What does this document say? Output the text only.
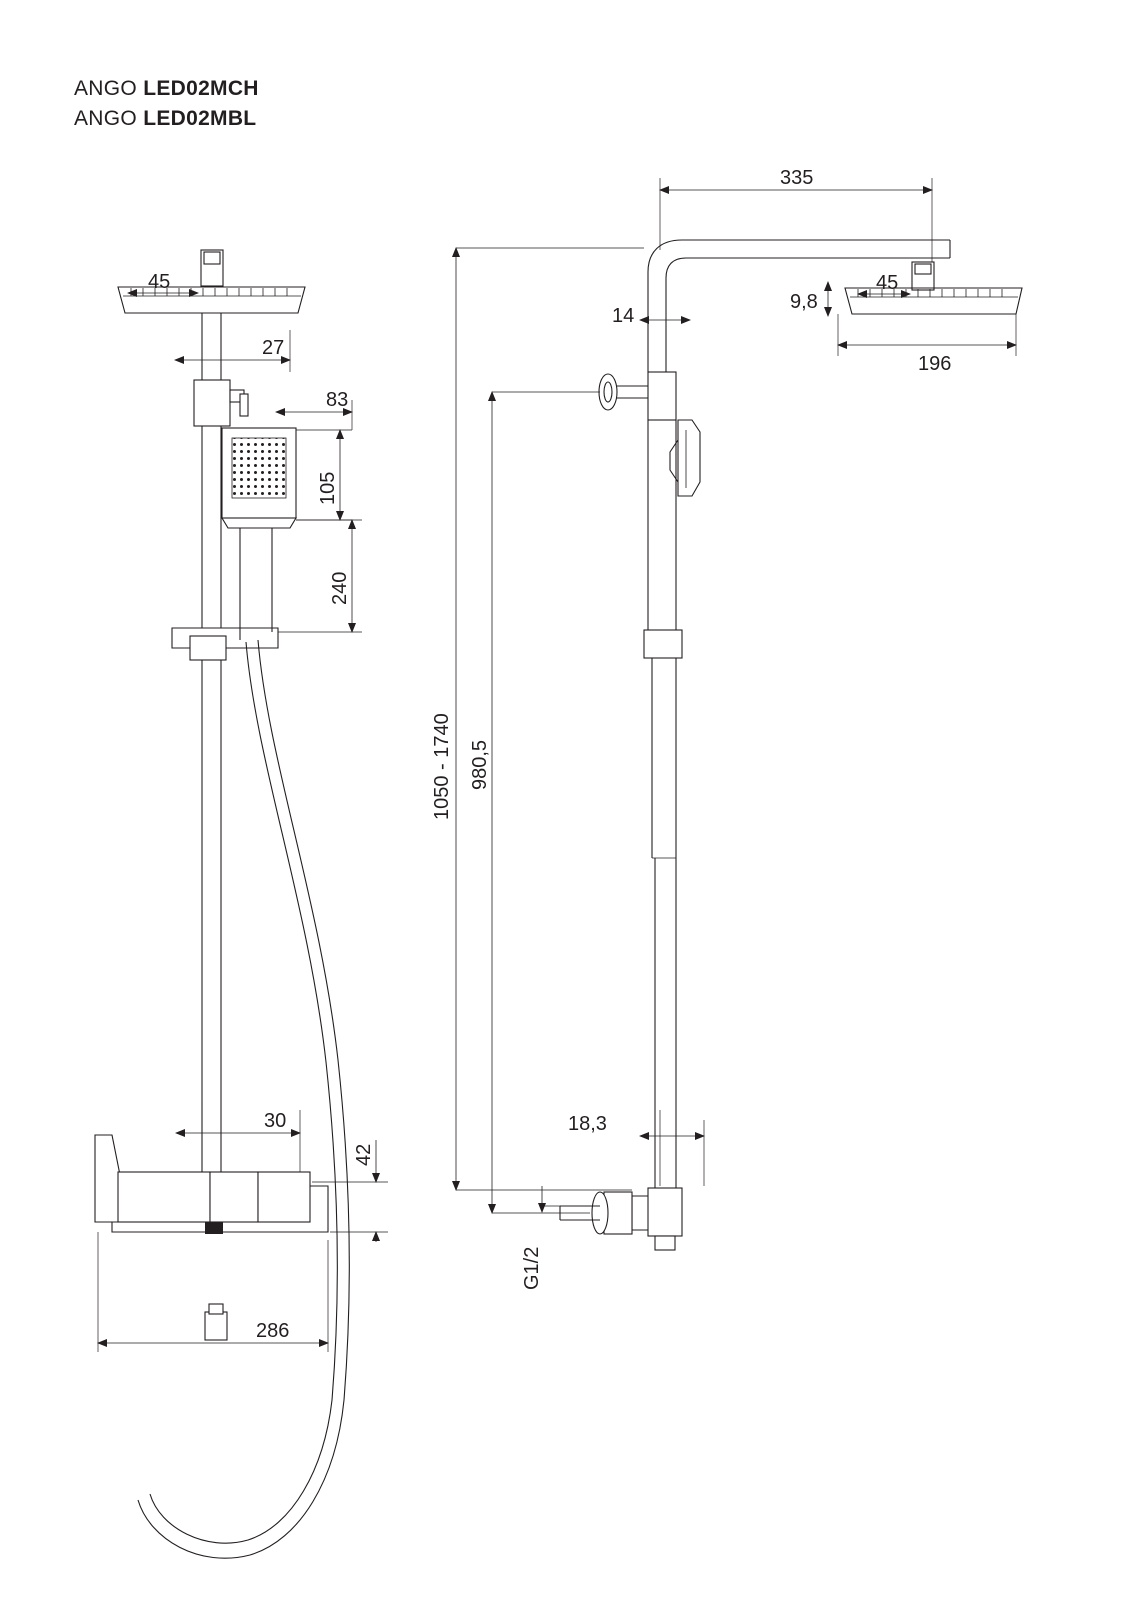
ANGO LED02MCH
ANGO LED02MBL
45
27
83
105
240
30
42
286
335
14
45
9,8
196
1050 - 1740 980,5
18,3
G1/2
